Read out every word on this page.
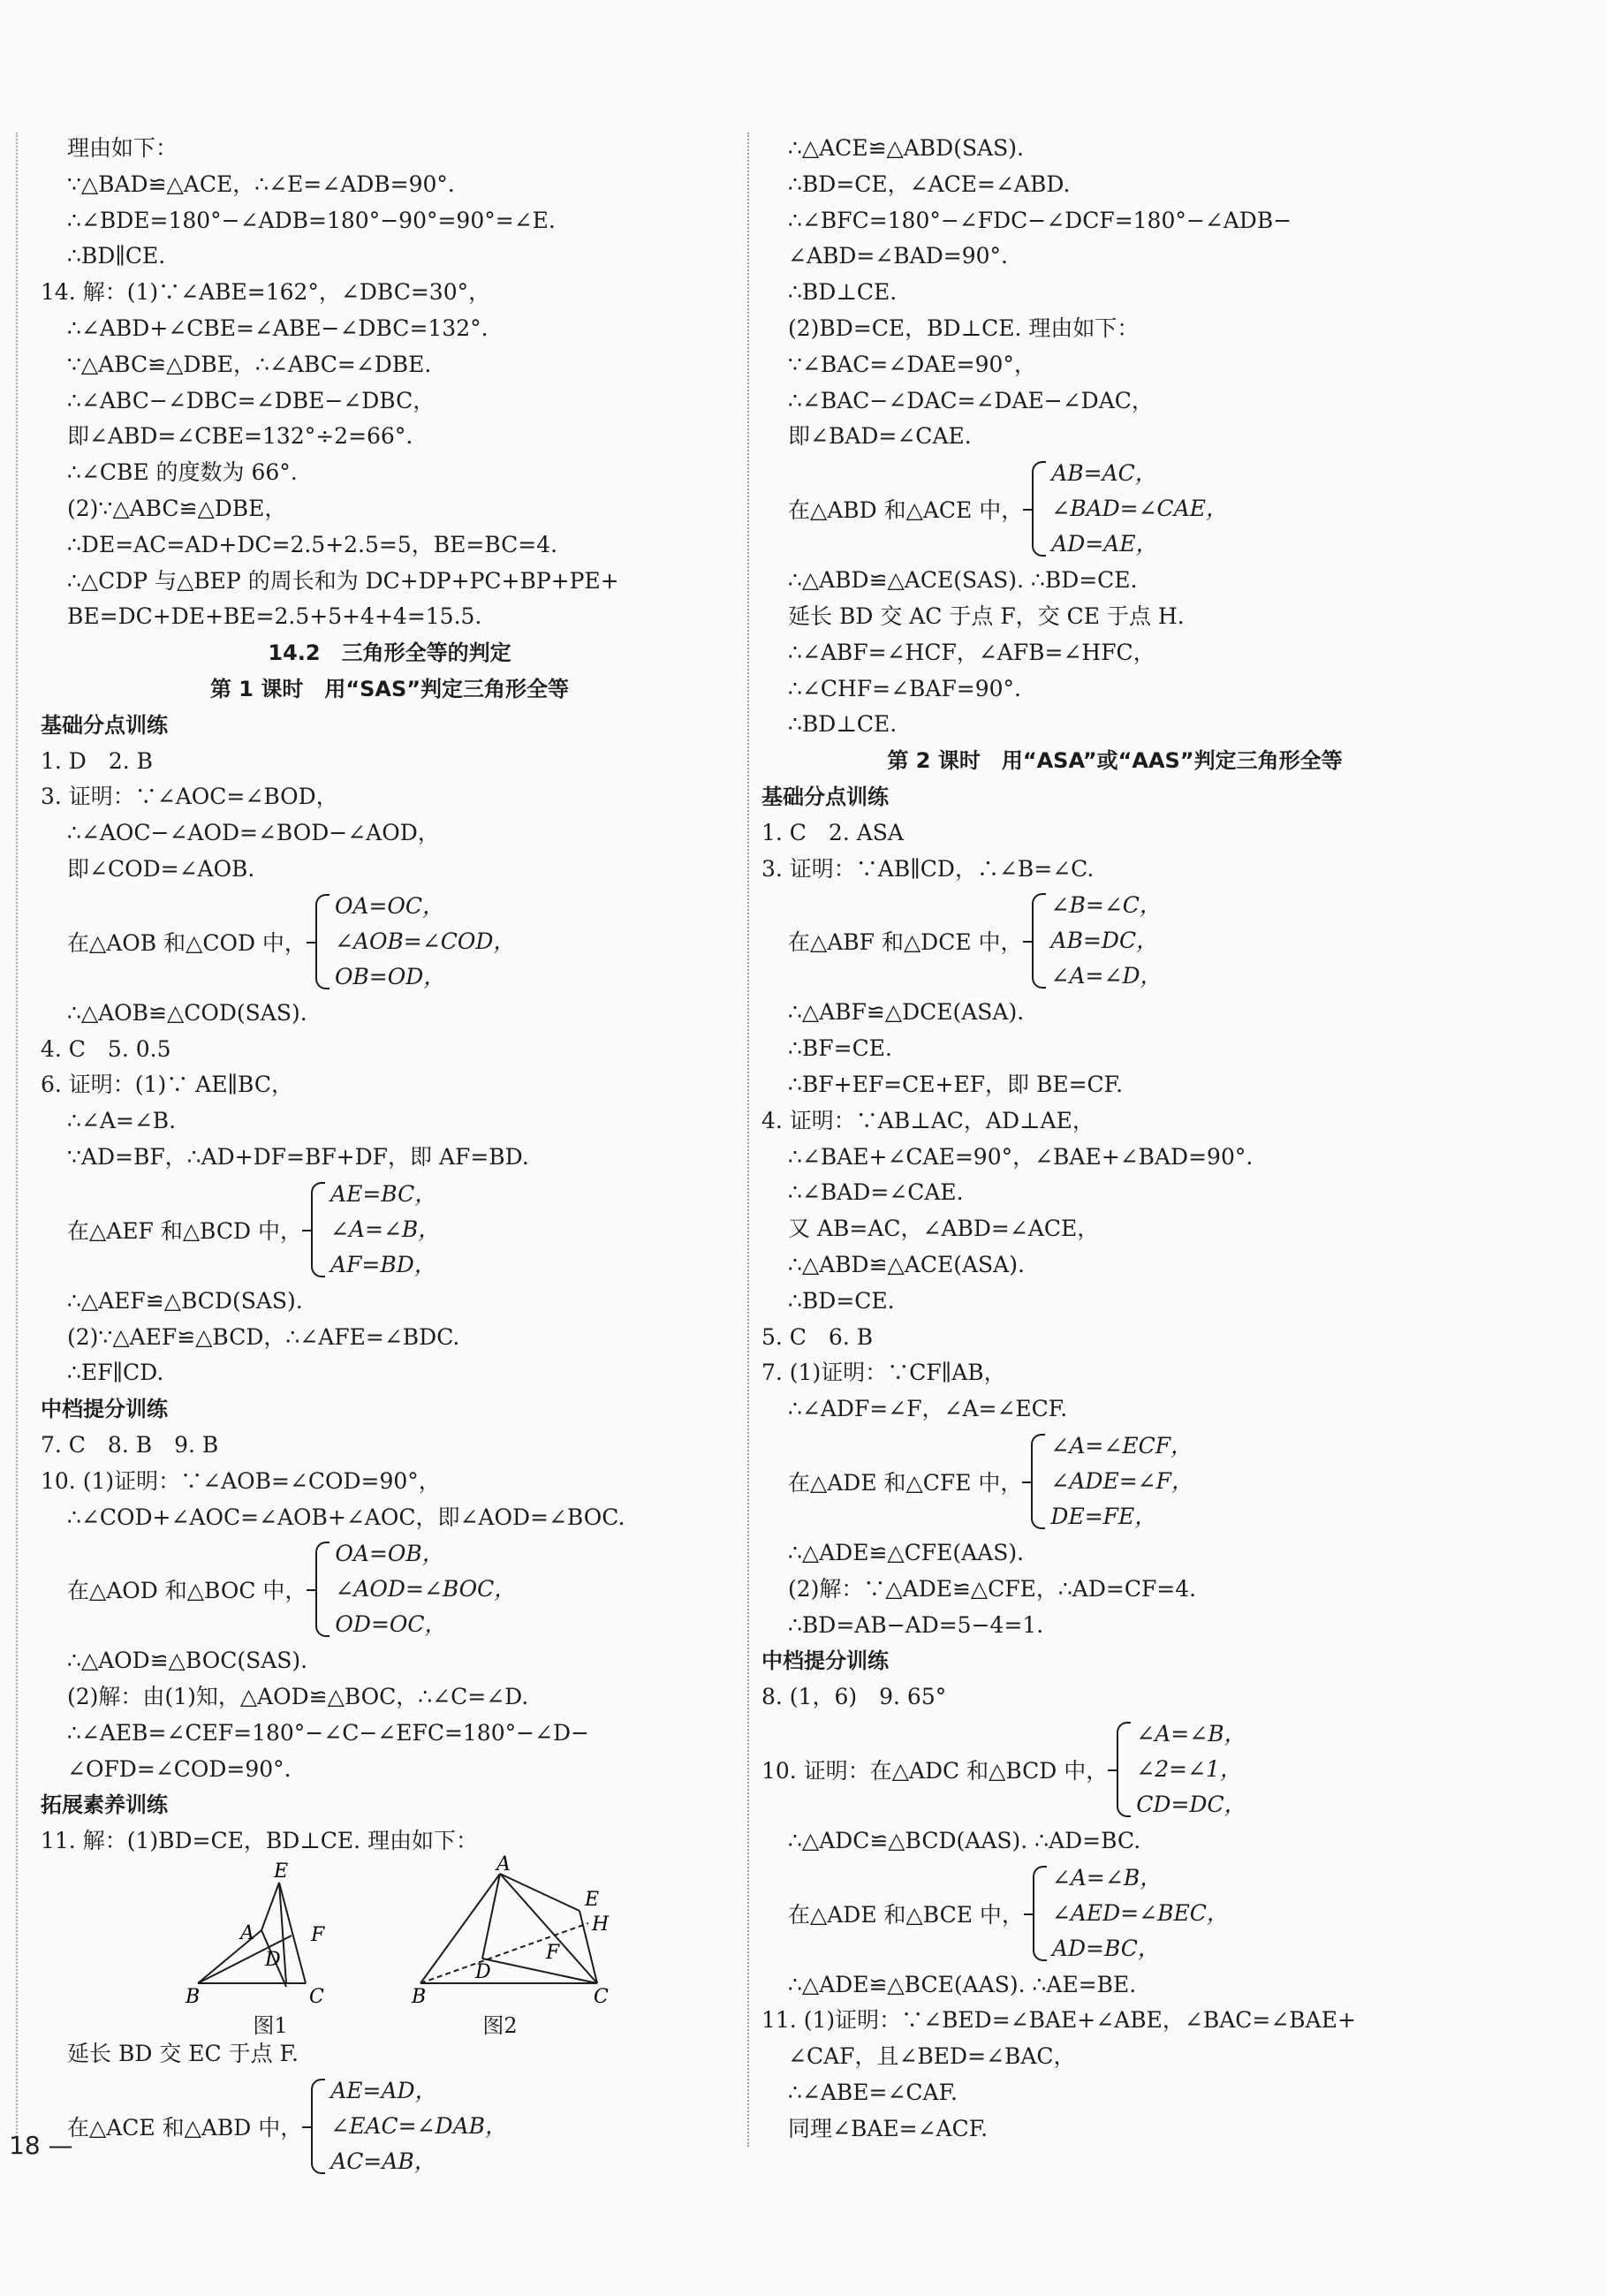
理由如下：
∵△BAD≌△ACE，∴∠E=∠ADB=90°.
∴∠BDE=180°−∠ADB=180°−90°=90°=∠E.
∴BD∥CE.
14. 解：(1)∵∠ABE=162°，∠DBC=30°，
∴∠ABD+∠CBE=∠ABE−∠DBC=132°.
∵△ABC≌△DBE，∴∠ABC=∠DBE.
∴∠ABC−∠DBC=∠DBE−∠DBC，
即∠ABD=∠CBE=132°÷2=66°.
∴∠CBE 的度数为 66°.
(2)∵△ABC≌△DBE，
∴DE=AC=AD+DC=2.5+2.5=5，BE=BC=4.
∴△CDP 与△BEP 的周长和为 DC+DP+PC+BP+PE+
BE=DC+DE+BE=2.5+5+4+4=15.5.
14.2　三角形全等的判定
第 1 课时　用“SAS”判定三角形全等
基础分点训练
1. D　2. B
3. 证明：∵∠AOC=∠BOD，
∴∠AOC−∠AOD=∠BOD−∠AOD，
即∠COD=∠AOB.
在△AOB 和△COD 中，
OA=OC，
∠AOB=∠COD，
OB=OD，
∴△AOB≌△COD(SAS).
4. C　5. 0.5
6. 证明：(1)∵ AE∥BC，
∴∠A=∠B.
∵AD=BF，∴AD+DF=BF+DF，即 AF=BD.
在△AEF 和△BCD 中，
AE=BC，
∠A=∠B，
AF=BD，
∴△AEF≌△BCD(SAS).
(2)∵△AEF≌△BCD，∴∠AFE=∠BDC.
∴EF∥CD.
中档提分训练
7. C　8. B　9. B
10. (1)证明：∵∠AOB=∠COD=90°，
∴∠COD+∠AOC=∠AOB+∠AOC，即∠AOD=∠BOC.
在△AOD 和△BOC 中，
OA=OB，
∠AOD=∠BOC，
OD=OC，
∴△AOD≌△BOC(SAS).
(2)解：由(1)知，△AOD≌△BOC，∴∠C=∠D.
∴∠AEB=∠CEF=180°−∠C−∠EFC=180°−∠D−
∠OFD=∠COD=90°.
拓展素养训练
11. 解：(1)BD=CE，BD⊥CE. 理由如下：
E
A	F
D
B	C
图1
A
E
H
F
D
B	C
图2
延长 BD 交 EC 于点 F.
在△ACE 和△ABD 中，
AE=AD，
∠EAC=∠DAB，
AC=AB，
∴△ACE≌△ABD(SAS).
∴BD=CE，∠ACE=∠ABD.
∴∠BFC=180°−∠FDC−∠DCF=180°−∠ADB−
∠ABD=∠BAD=90°.
∴BD⊥CE.
(2)BD=CE，BD⊥CE. 理由如下：
∵∠BAC=∠DAE=90°，
∴∠BAC−∠DAC=∠DAE−∠DAC，
即∠BAD=∠CAE.
在△ABD 和△ACE 中，
AB=AC，
∠BAD=∠CAE，
AD=AE，
∴△ABD≌△ACE(SAS). ∴BD=CE.
延长 BD 交 AC 于点 F，交 CE 于点 H.
∴∠ABF=∠HCF，∠AFB=∠HFC，
∴∠CHF=∠BAF=90°.
∴BD⊥CE.
第 2 课时　用“ASA”或“AAS”判定三角形全等
基础分点训练
1. C　2. ASA
3. 证明：∵AB∥CD，∴∠B=∠C.
在△ABF 和△DCE 中，
∠B=∠C，
AB=DC，
∠A=∠D，
∴△ABF≌△DCE(ASA).
∴BF=CE.
∴BF+EF=CE+EF，即 BE=CF.
4. 证明：∵AB⊥AC，AD⊥AE，
∴∠BAE+∠CAE=90°，∠BAE+∠BAD=90°.
∴∠BAD=∠CAE.
又 AB=AC，∠ABD=∠ACE，
∴△ABD≌△ACE(ASA).
∴BD=CE.
5. C　6. B
7. (1)证明：∵CF∥AB，
∴∠ADF=∠F，∠A=∠ECF.
在△ADE 和△CFE 中，
∠A=∠ECF，
∠ADE=∠F，
DE=FE，
∴△ADE≌△CFE(AAS).
(2)解：∵△ADE≌△CFE，∴AD=CF=4.
∴BD=AB−AD=5−4=1.
中档提分训练
8. (1，6)　9. 65°
10. 证明：在△ADC 和△BCD 中，
∠A=∠B，
∠2=∠1，
CD=DC，
∴△ADC≌△BCD(AAS). ∴AD=BC.
在△ADE 和△BCE 中，
∠A=∠B，
∠AED=∠BEC，
AD=BC，
∴△ADE≌△BCE(AAS). ∴AE=BE.
11. (1)证明：∵∠BED=∠BAE+∠ABE，∠BAC=∠BAE+
∠CAF，且∠BED=∠BAC，
∴∠ABE=∠CAF.
同理∠BAE=∠ACF.
18 —
